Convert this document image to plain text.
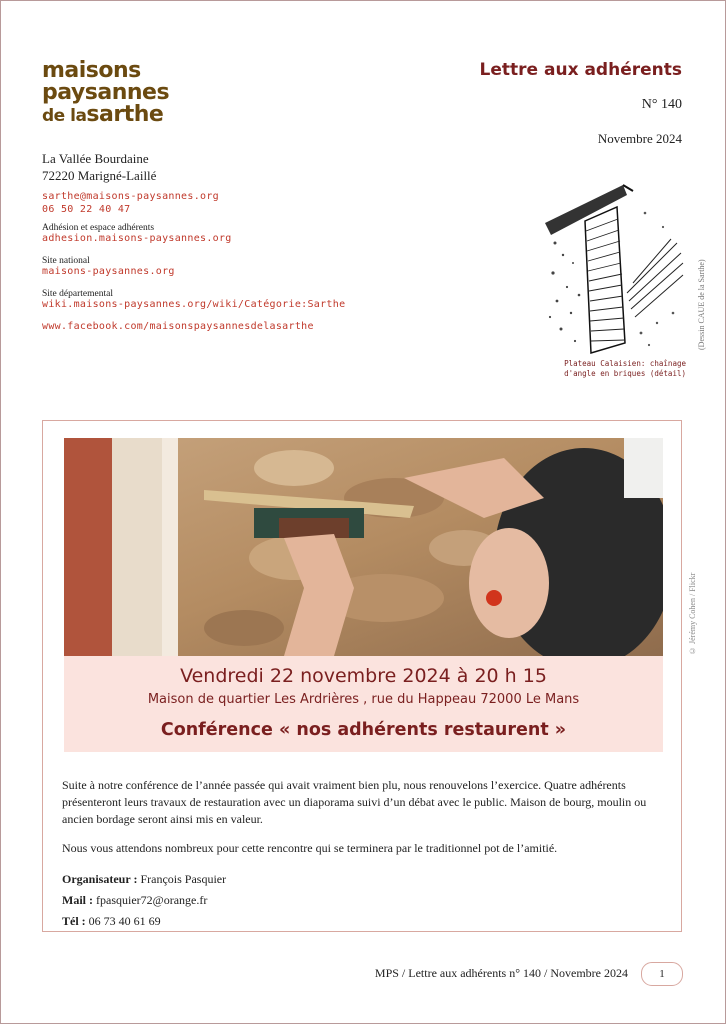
maisons
paysannes
de lasarthe
Lettre aux adhérents
N° 140
Novembre 2024
La Vallée Bourdaine
72220 Marigné-Laillé
sarthe@maisons-paysannes.org
06 50 22 40 47
Adhésion et espace adhérents
adhesion.maisons-paysannes.org
Site national
maisons-paysannes.org
Site départemental
wiki.maisons-paysannes.org/wiki/Catégorie:Sarthe
www.facebook.com/maisonspaysannesdelasarthe	(Dessin CAUE de la Sarthe)
Plateau Calaisien: chaînage
d'angle en briques (détail)
Vendredi 22 novembre 2024 à 20 h 15
Maison de quartier Les Ardrières , rue du Happeau 72000 Le Mans
Conférence « nos adhérents restaurent »

Suite à notre conférence de l’année passée qui avait vraiment bien plu, nous renouvelons l’exercice. Quatre adhérents présenteront leurs travaux de restauration avec un diaporama suivi d’un débat avec le public. Maison de bourg, moulin ou ancien bordage seront ainsi mis en valeur.

Nous vous attendons nombreux pour cette rencontre qui se terminera par le traditionnel pot de l’amitié.

Organisateur : François Pasquier
Mail : fpasquier72@orange.fr
Tél : 06 73 40 61 69
© Jérémy Cohen / Flickr
MPS / Lettre aux adhérents n° 140 / Novembre 2024	1
